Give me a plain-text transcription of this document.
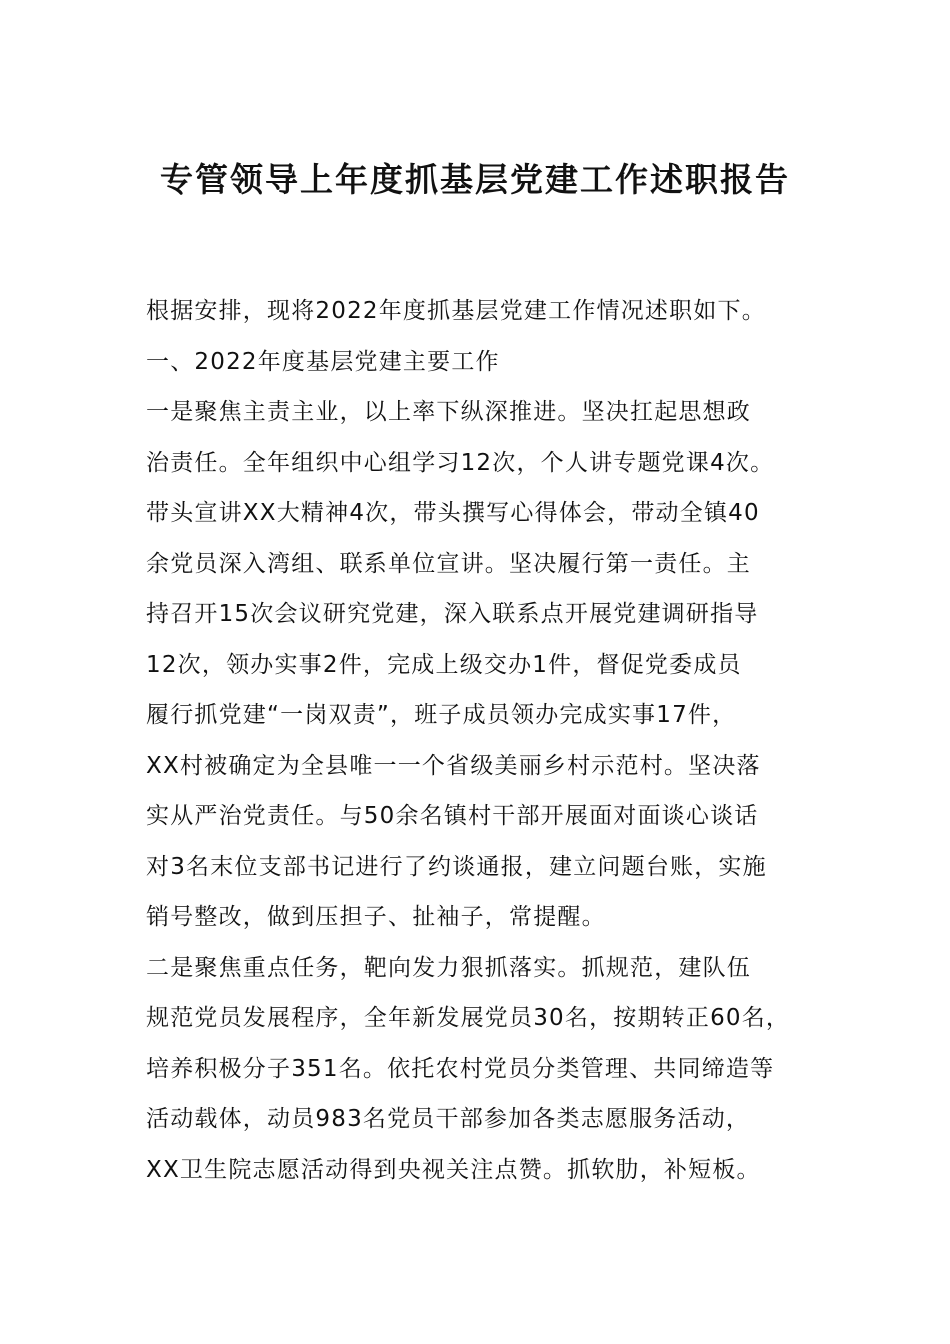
专管领导上年度抓基层党建工作述职报告
根据安排，现将2022年度抓基层党建工作情况述职如下。
一、2022年度基层党建主要工作
一是聚焦主责主业，以上率下纵深推进。坚决扛起思想政
治责任。全年组织中心组学习12次，个人讲专题党课4次。
带头宣讲XX大精神4次，带头撰写心得体会，带动全镇40
余党员深入湾组、联系单位宣讲。坚决履行第一责任。主
持召开15次会议研究党建，深入联系点开展党建调研指导
12次，领办实事2件，完成上级交办1件，督促党委成员
履行抓党建“一岗双责”，班子成员领办完成实事17件，
XX村被确定为全县唯一一个省级美丽乡村示范村。坚决落
实从严治党责任。与50余名镇村干部开展面对面谈心谈话
对3名末位支部书记进行了约谈通报，建立问题台账，实施
销号整改，做到压担子、扯袖子，常提醒。
二是聚焦重点任务，靶向发力狠抓落实。抓规范，建队伍
规范党员发展程序，全年新发展党员30名，按期转正60名，
培养积极分子351名。依托农村党员分类管理、共同缔造等
活动载体，动员983名党员干部参加各类志愿服务活动，
XX卫生院志愿活动得到央视关注点赞。抓软肋，补短板。
